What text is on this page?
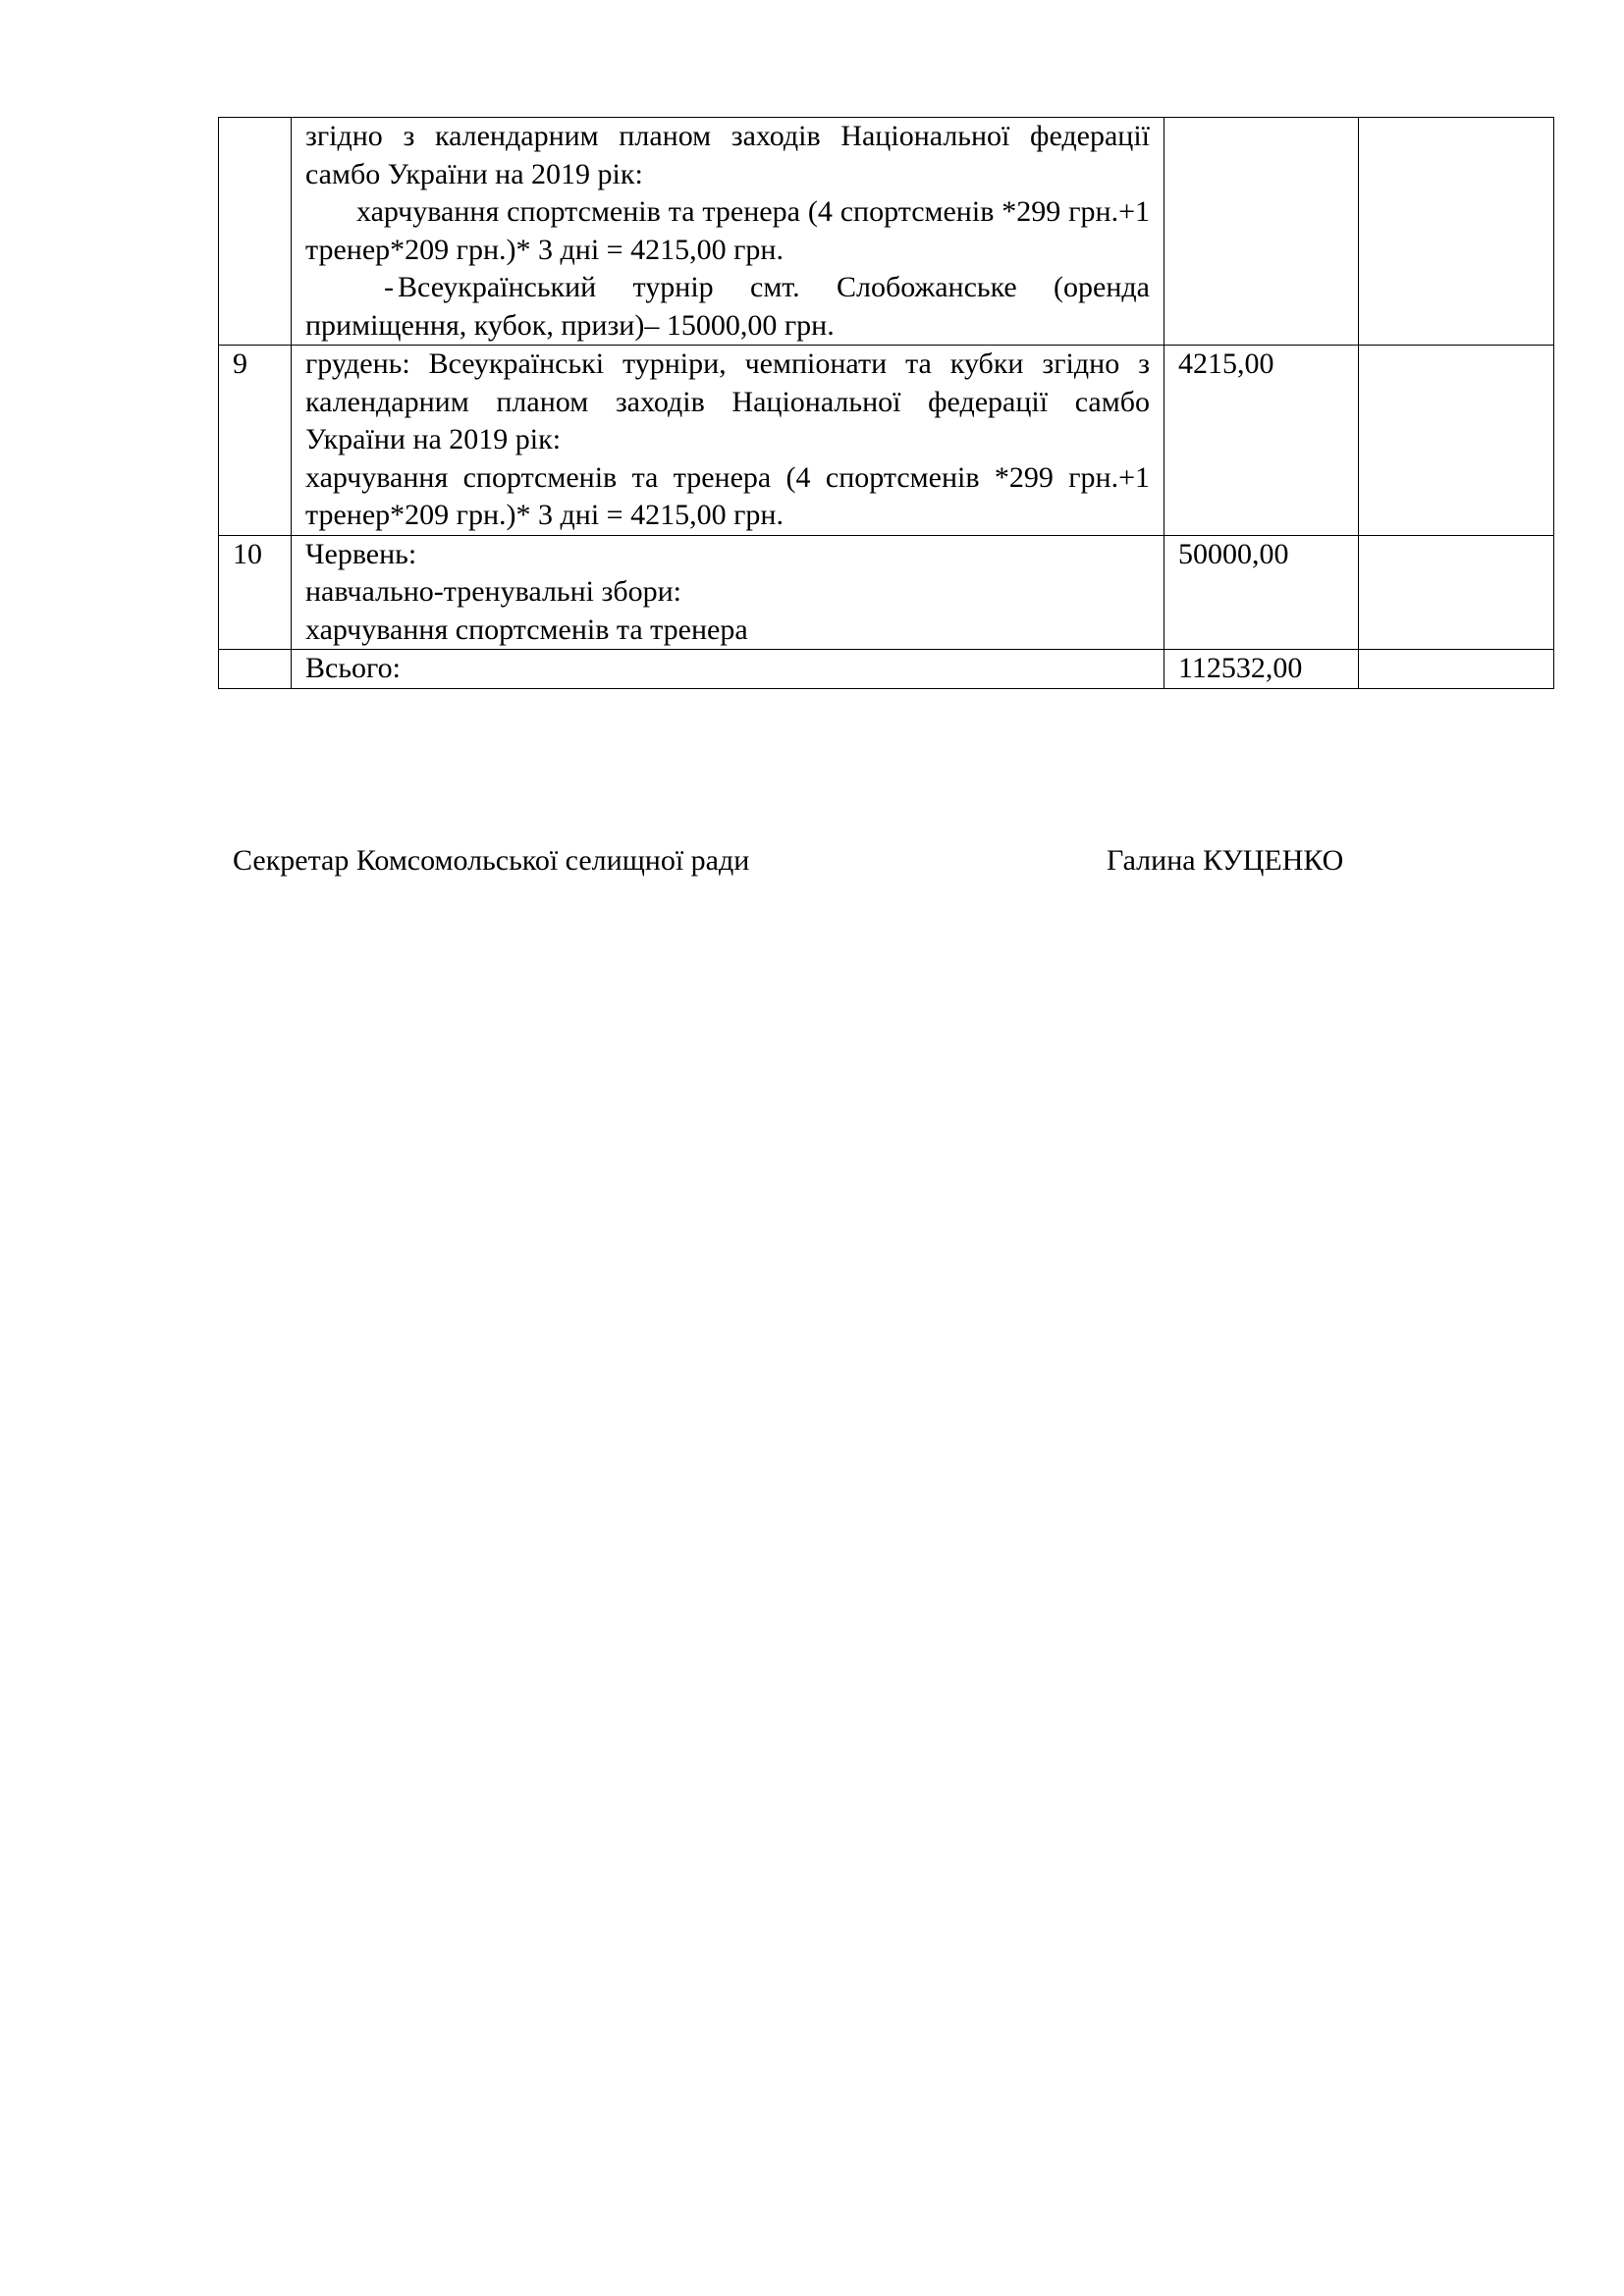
	згідно з календарним планом заходів Національної федерації самбо України на 2019 рік:

харчування спортсменів та тренера (4 спортсменів *299 грн.+1 тренер*209 грн.)* 3 дні = 4215,00 грн.

- Всеукраїнський турнір смт. Слобожанське (оренда приміщення, кубок, призи)– 15000,00 грн.		

9	грудень: Всеукраїнські турніри, чемпіонати та кубки згідно з календарним планом заходів Національної федерації самбо України на 2019 рік:

харчування спортсменів та тренера (4 спортсменів *299 грн.+1 тренер*209 грн.)* 3 дні = 4215,00 грн.	4215,00	
10	Червень:

навчально-тренувальні збори:

харчування спортсменів та тренера	50000,00	

	Всього:	112532,00	
Секретар Комсомольської селищної ради	Галина КУЦЕНКО
